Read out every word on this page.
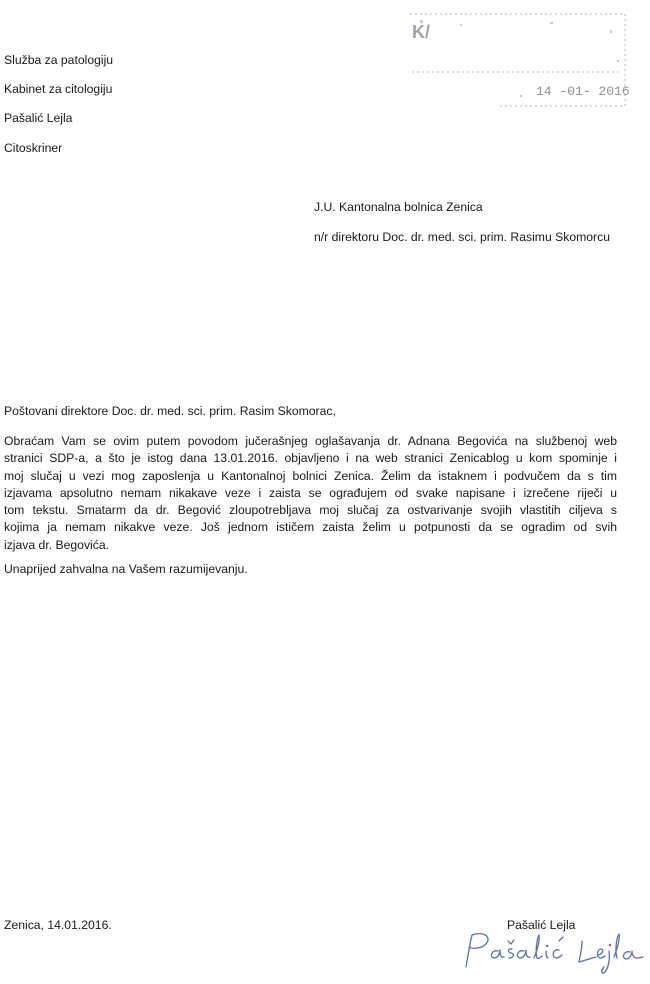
K/
14 -01- 2016
Služba za patologiju
Kabinet za citologiju
Pašalić Lejla
Citoskriner
J.U. Kantonalna bolnica Zenica
n/r direktoru Doc. dr. med. sci. prim. Rasimu Skomorcu
Poštovani direktore Doc. dr. med. sci. prim. Rasim Skomorac,
Obraćam Vam se ovim putem povodom jučerašnjeg oglašavanja dr. Adnana Begovića na službenoj web
stranici SDP-a, a što je istog dana 13.01.2016. objavljeno i na web stranici Zenicablog u kom spominje i
moj slučaj u vezi mog zaposlenja u Kantonalnoj bolnici Zenica. Želim da istaknem i podvučem da s tim
izjavama apsolutno nemam nikakave veze i zaista se ograđujem od svake napisane i izrečene riječi u
tom tekstu. Smatarm da dr. Begović zloupotrebljava moj slučaj za ostvarivanje svojih vlastitih ciljeva s
kojima ja nemam nikakve veze. Još jednom ističem zaista želim u potpunosti da se ogradim od svih
izjava dr. Begovića.
Unaprijed zahvalna na Vašem razumijevanju.
Zenica, 14.01.2016.	Pašalić Lejla
